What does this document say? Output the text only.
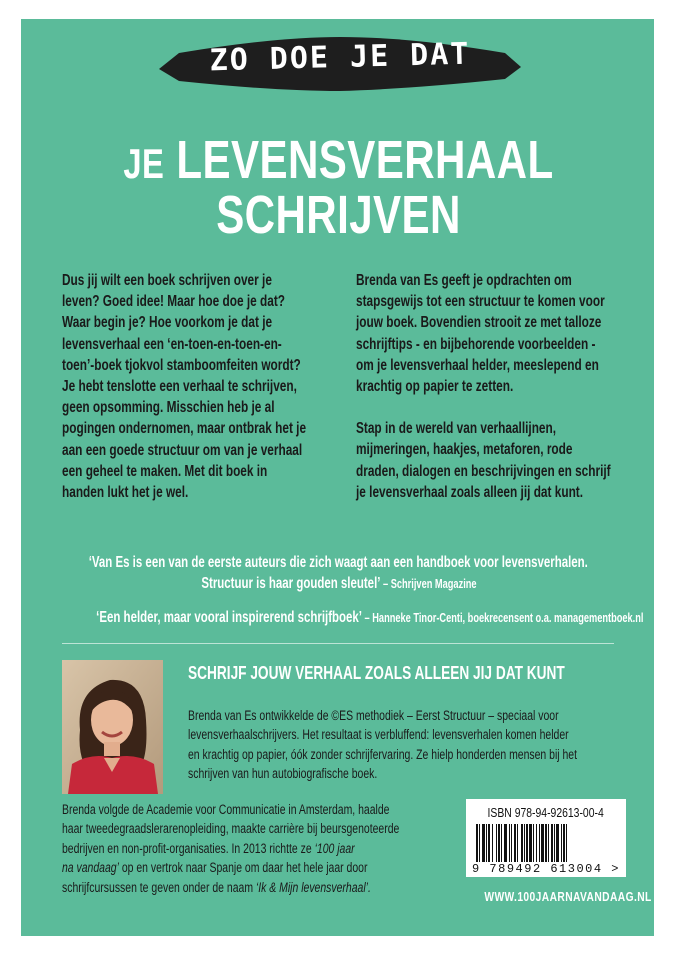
ZO DOE JE DAT
JE LEVENSVERHAAL
SCHRIJVEN
Dus jij wilt een boek schrijven over je
leven? Goed idee! Maar hoe doe je dat?
Waar begin je? Hoe voorkom je dat je
levensverhaal een ‘en-toen-en-toen-en-
toen’-boek tjokvol stamboomfeiten wordt?
Je hebt tenslotte een verhaal te schrijven,
geen opsomming. Misschien heb je al
pogingen ondernomen, maar ontbrak het je
aan een goede structuur om van je verhaal
een geheel te maken. Met dit boek in
handen lukt het je wel.
Brenda van Es geeft je opdrachten om
stapsgewijs tot een structuur te komen voor
jouw boek. Bovendien strooit ze met talloze
schrijftips - en bijbehorende voorbeelden -
om je levensverhaal helder, meeslepend en
krachtig op papier te zetten.
Stap in de wereld van verhaallijnen,
mijmeringen, haakjes, metaforen, rode
draden, dialogen en beschrijvingen en schrijf
je levensverhaal zoals alleen jij dat kunt.
‘Van Es is een van de eerste auteurs die zich waagt aan een handboek voor levensverhalen.
Structuur is haar gouden sleutel’ – Schrijven Magazine
‘Een helder, maar vooral inspirerend schrijfboek’ – Hanneke Tinor-Centi, boekrecensent o.a. managementboek.nl
SCHRIJF JOUW VERHAAL ZOALS ALLEEN JIJ DAT KUNT
Brenda van Es ontwikkelde de ©ES methodiek – Eerst Structuur – speciaal voor
levensverhaalschrijvers. Het resultaat is verbluffend: levensverhalen komen helder
en krachtig op papier, óók zonder schrijfervaring. Ze hielp honderden mensen bij het
schrijven van hun autobiografische boek.
Brenda volgde de Academie voor Communicatie in Amsterdam, haalde
haar tweedegraadslerarenopleiding, maakte carrière bij beursgenoteerde
bedrijven en non-profit-organisaties. In 2013 richtte ze ‘100 jaar
na vandaag’ op en vertrok naar Spanje om daar het hele jaar door
schrijfcursussen te geven onder de naam ‘Ik & Mijn levensverhaal’.
ISBN 978-94-92613-00-4
9 789492 613004 >
WWW.100JAARNAVANDAAG.NL
